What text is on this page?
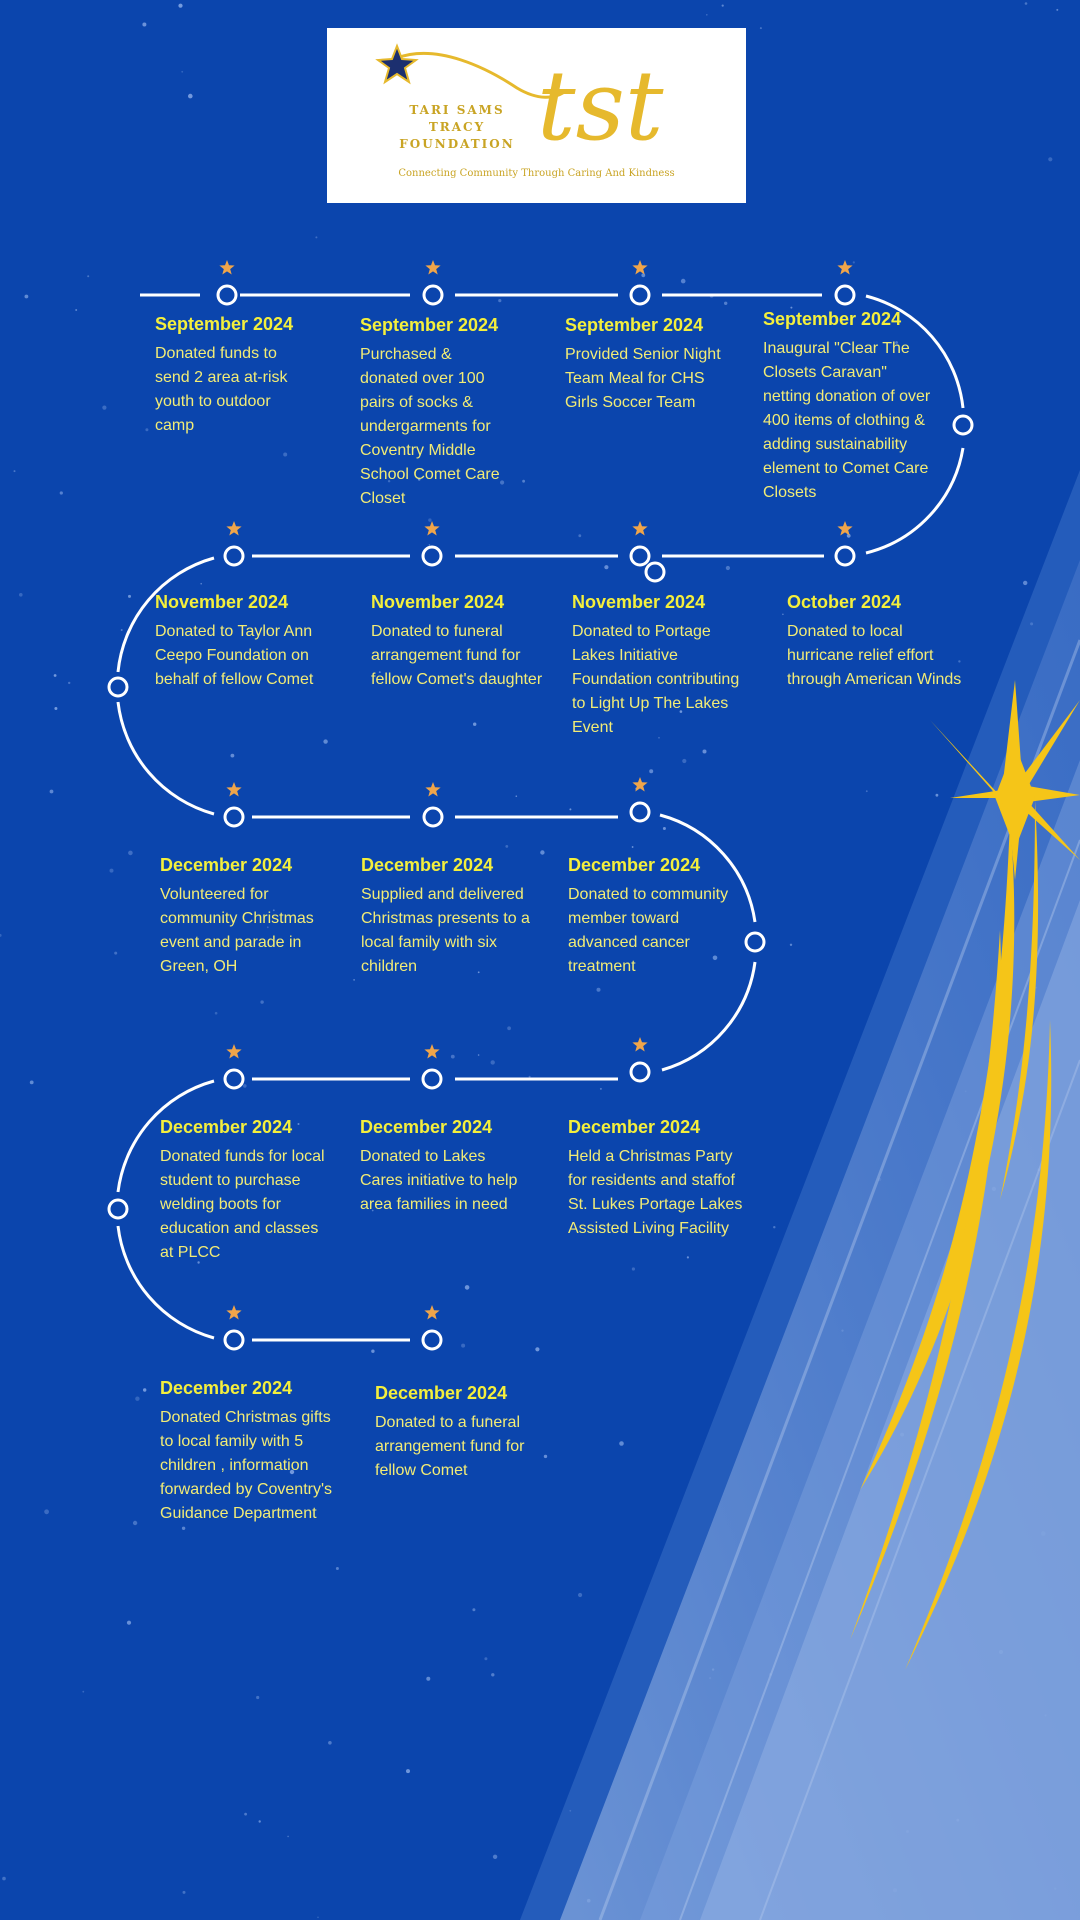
TARI SAMS TRACY FOUNDATION tst
Connecting Community Through Caring And Kindness
September 2024
Donated funds to send 2 area at-risk youth to outdoor camp
September 2024
Purchased & donated over 100 pairs of socks & undergarments for Coventry Middle School Comet Care Closet
September 2024
Provided Senior Night Team Meal for CHS Girls Soccer Team
September 2024
Inaugural "Clear The Closets Caravan" netting donation of over 400 items of clothing & adding sustainability element to Comet Care Closets
October 2024
Donated to local hurricane relief effort through American Winds
November 2024
Donated to Portage Lakes Initiative Foundation contributing to Light Up The Lakes Event
November 2024
Donated to funeral arrangement fund for fellow Comet's daughter
November 2024
Donated to Taylor Ann Ceepo Foundation on behalf of fellow Comet
December 2024
Volunteered for community Christmas event and parade in Green, OH
December 2024
Supplied and delivered Christmas presents to a local family with six children
December 2024
Donated to community member toward advanced cancer treatment
December 2024
Held a Christmas Party for residents and staffof St. Lukes Portage Lakes Assisted Living Facility
December 2024
Donated to Lakes Cares initiative to help area families in need
December 2024
Donated funds for local student to purchase welding boots for education and classes at PLCC
December 2024
Donated Christmas gifts to local family with 5 children , information forwarded by Coventry's Guidance Department
December 2024
Donated to a funeral arrangement fund for fellow Comet
